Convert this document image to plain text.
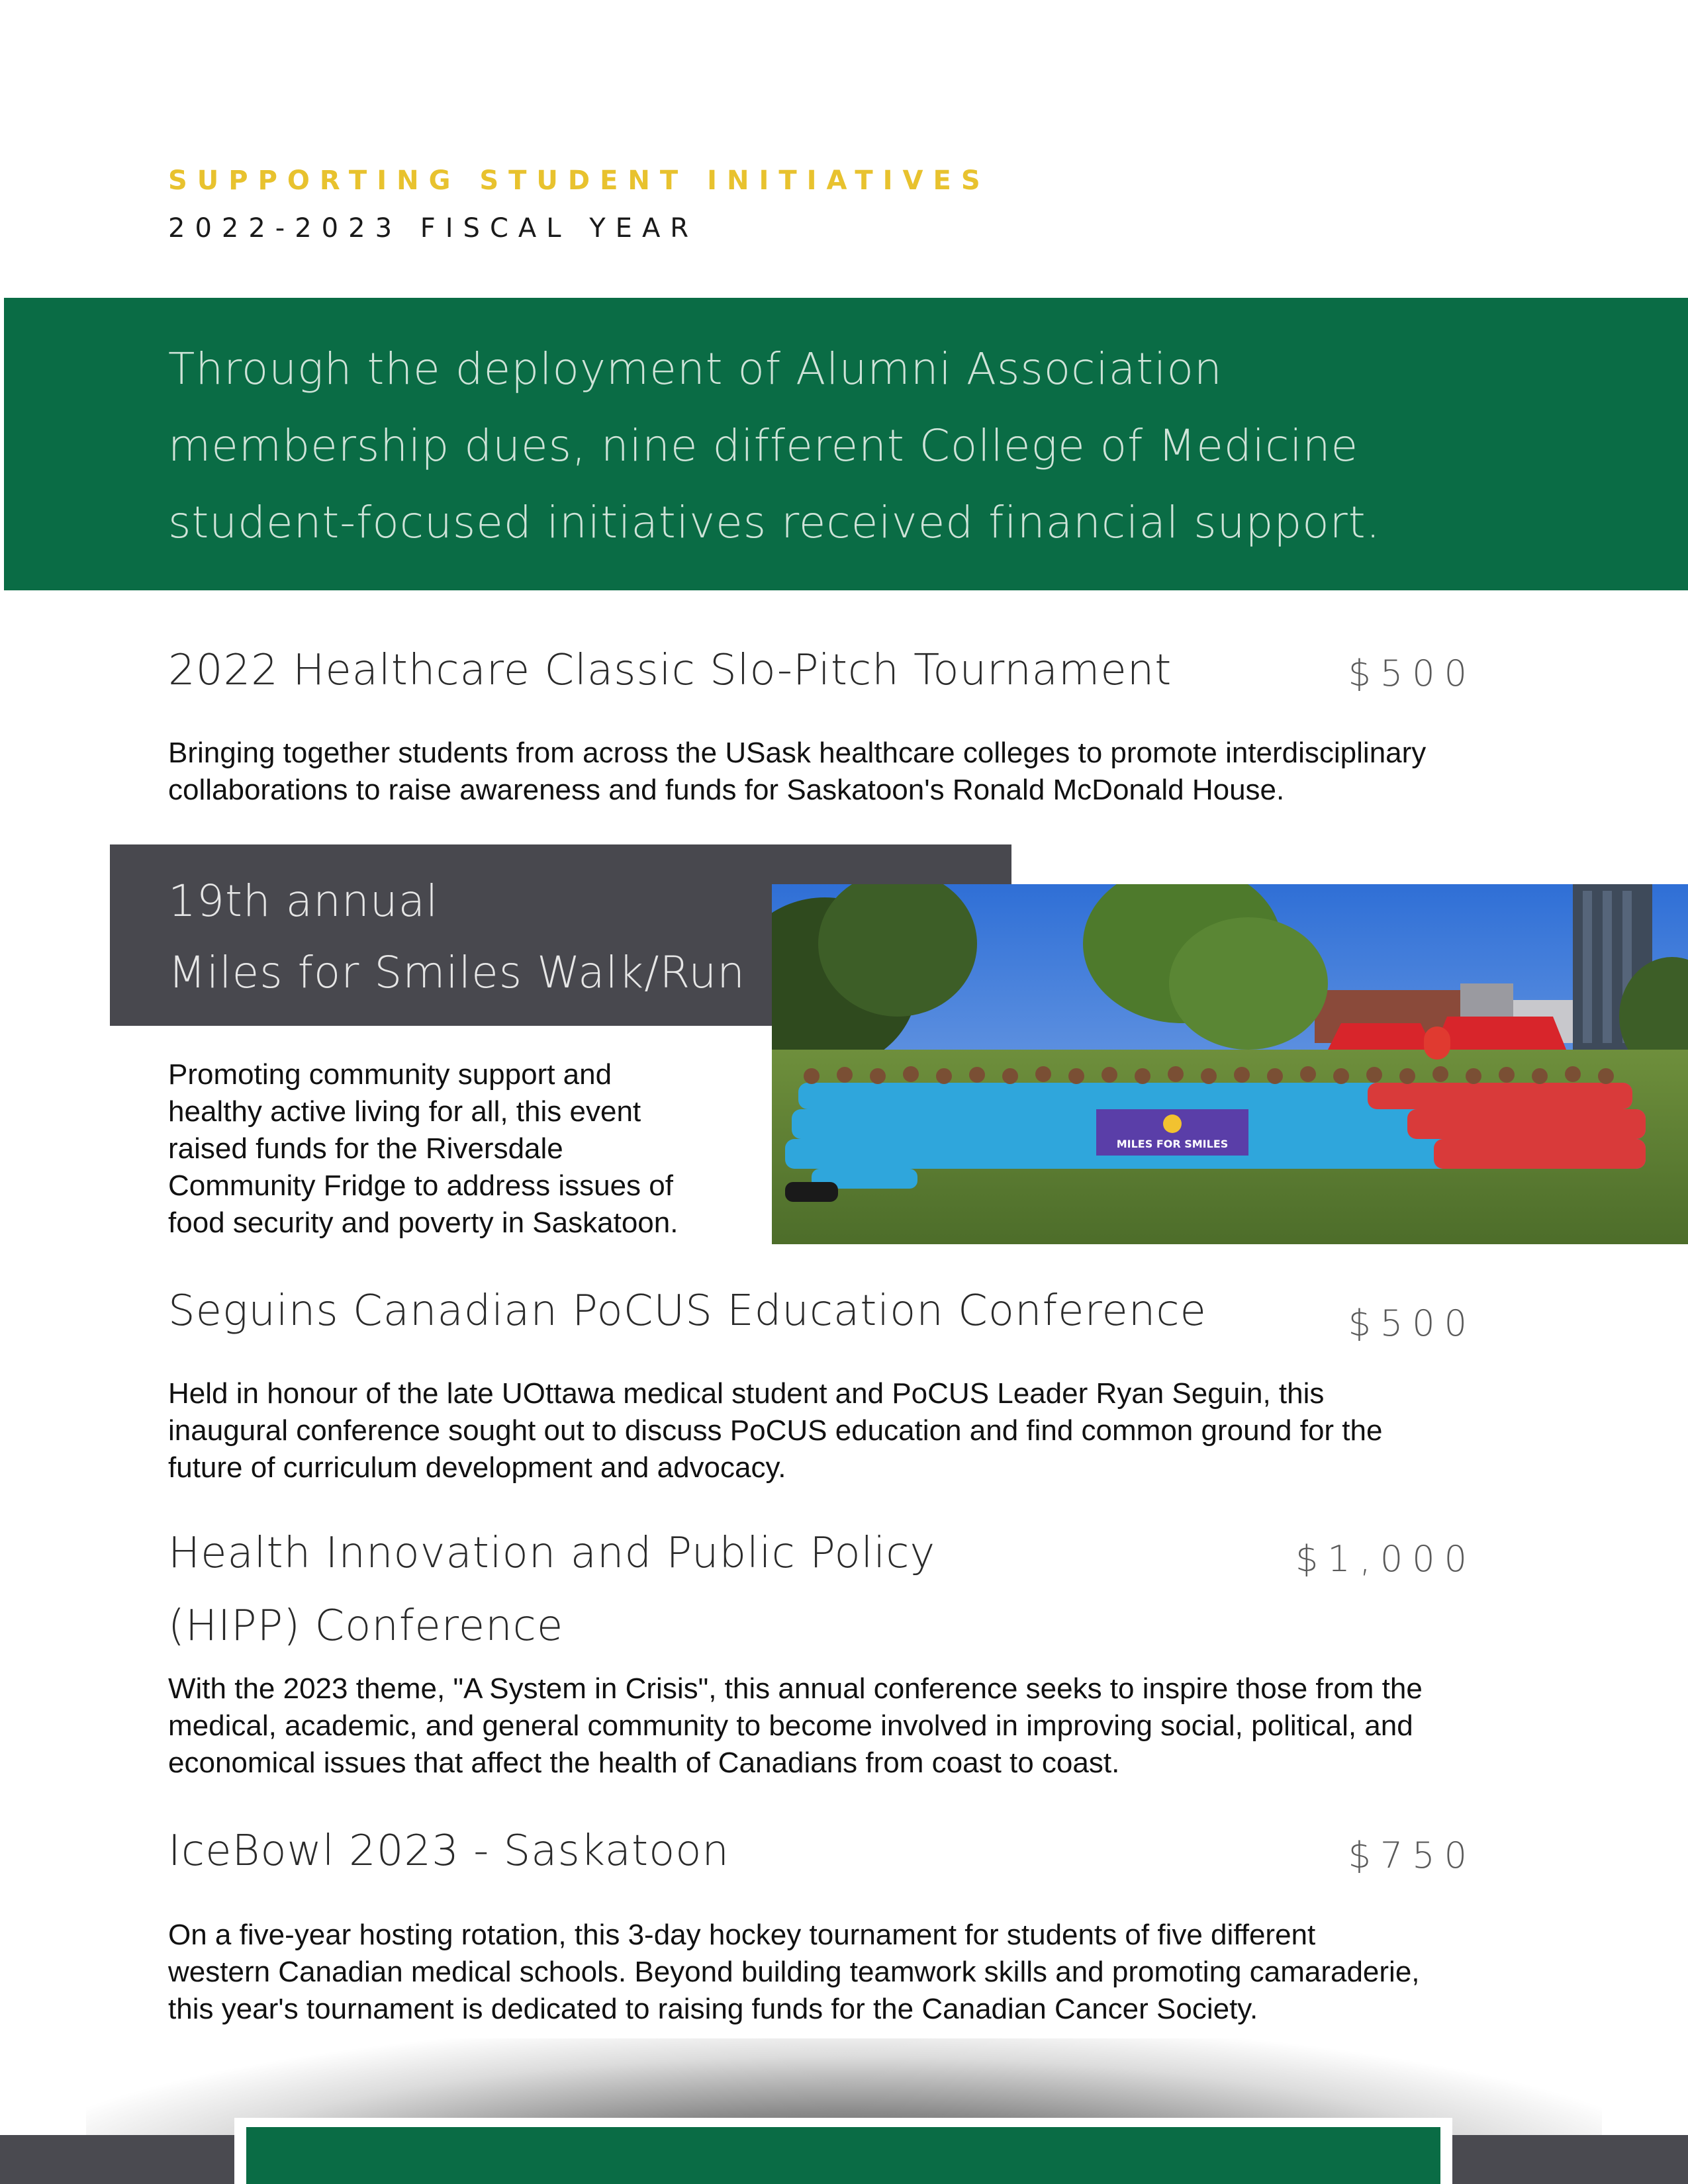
SUPPORTING STUDENT INITIATIVES
2022-2023 FISCAL YEAR
Through the deployment of Alumni Association
membership dues, nine different College of Medicine
student-focused initiatives received financial support.
2022 Healthcare Classic Slo-Pitch Tournament	$500
Bringing together students from across the USask healthcare colleges to promote interdisciplinary
collaborations to raise awareness and funds for Saskatoon's Ronald McDonald House.
19th annual
Miles for Smiles Walk/Run
MILES FOR SMILES
Promoting community support and
healthy active living for all, this event
raised funds for the Riversdale
Community Fridge to address issues of
food security and poverty in Saskatoon.
Seguins Canadian PoCUS Education Conference	$500
Held in honour of the late UOttawa medical student and PoCUS Leader Ryan Seguin, this
inaugural conference sought out to discuss PoCUS education and find common ground for the
future of curriculum development and advocacy.
Health Innovation and Public Policy
(HIPP) Conference
$1,000
With the 2023 theme, "A System in Crisis", this annual conference seeks to inspire those from the
medical, academic, and general community to become involved in improving social, political, and
economical issues that affect the health of Canadians from coast to coast.
IceBowl 2023 - Saskatoon	$750
On a five-year hosting rotation, this 3-day hockey tournament for students of five different
western Canadian medical schools. Beyond building teamwork skills and promoting camaraderie,
this year's tournament is dedicated to raising funds for the Canadian Cancer Society.
